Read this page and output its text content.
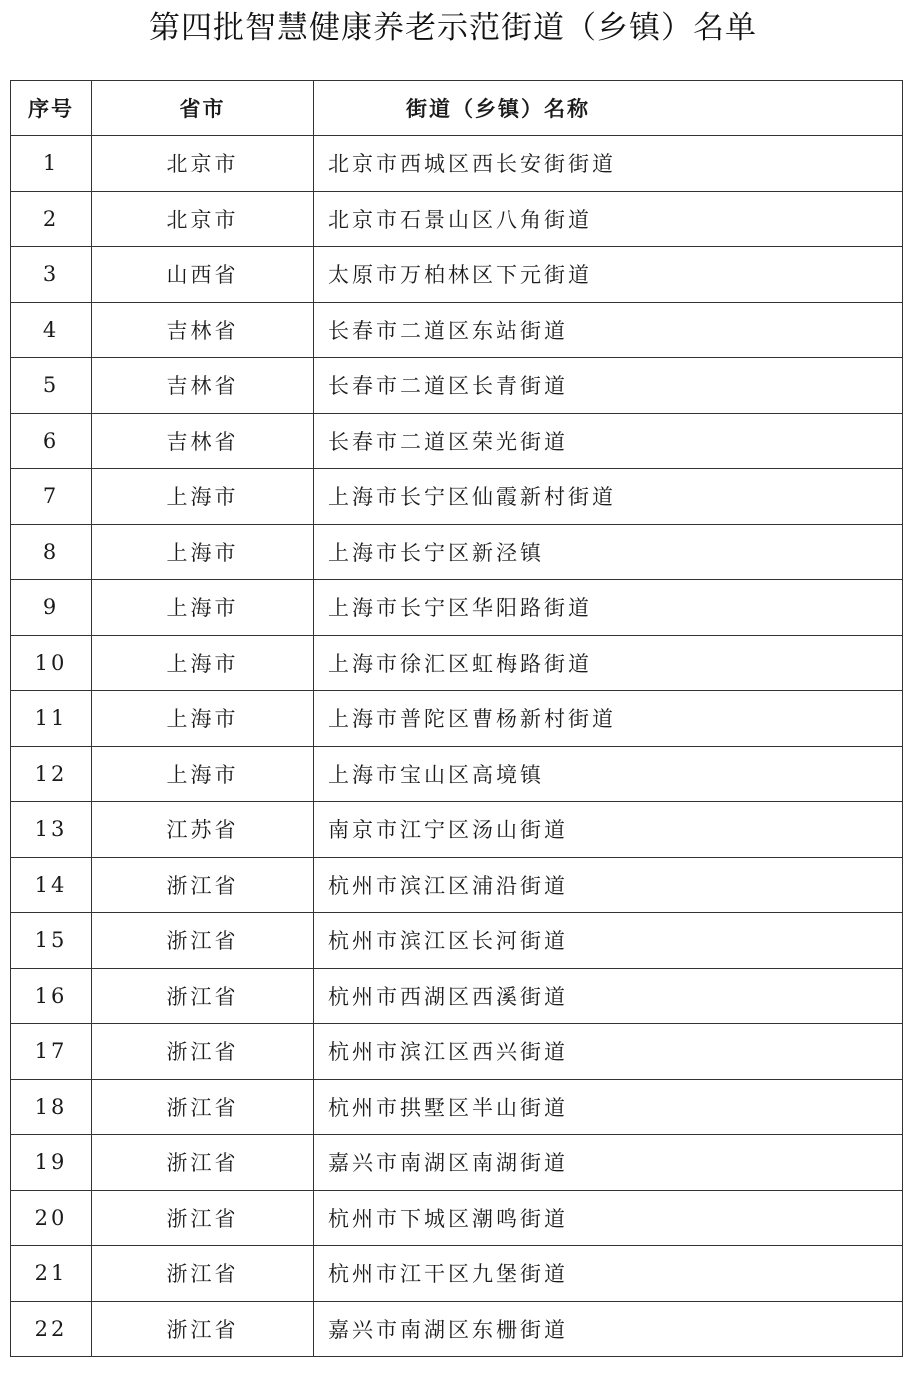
第四批智慧健康养老示范街道（乡镇）名单
序号	省市	街道（乡镇）名称
1	北京市	北京市西城区西长安街街道
2	北京市	北京市石景山区八角街道
3	山西省	太原市万柏林区下元街道
4	吉林省	长春市二道区东站街道
5	吉林省	长春市二道区长青街道
6	吉林省	长春市二道区荣光街道
7	上海市	上海市长宁区仙霞新村街道
8	上海市	上海市长宁区新泾镇
9	上海市	上海市长宁区华阳路街道
10	上海市	上海市徐汇区虹梅路街道
11	上海市	上海市普陀区曹杨新村街道
12	上海市	上海市宝山区高境镇
13	江苏省	南京市江宁区汤山街道
14	浙江省	杭州市滨江区浦沿街道
15	浙江省	杭州市滨江区长河街道
16	浙江省	杭州市西湖区西溪街道
17	浙江省	杭州市滨江区西兴街道
18	浙江省	杭州市拱墅区半山街道
19	浙江省	嘉兴市南湖区南湖街道
20	浙江省	杭州市下城区潮鸣街道
21	浙江省	杭州市江干区九堡街道
22	浙江省	嘉兴市南湖区东栅街道
